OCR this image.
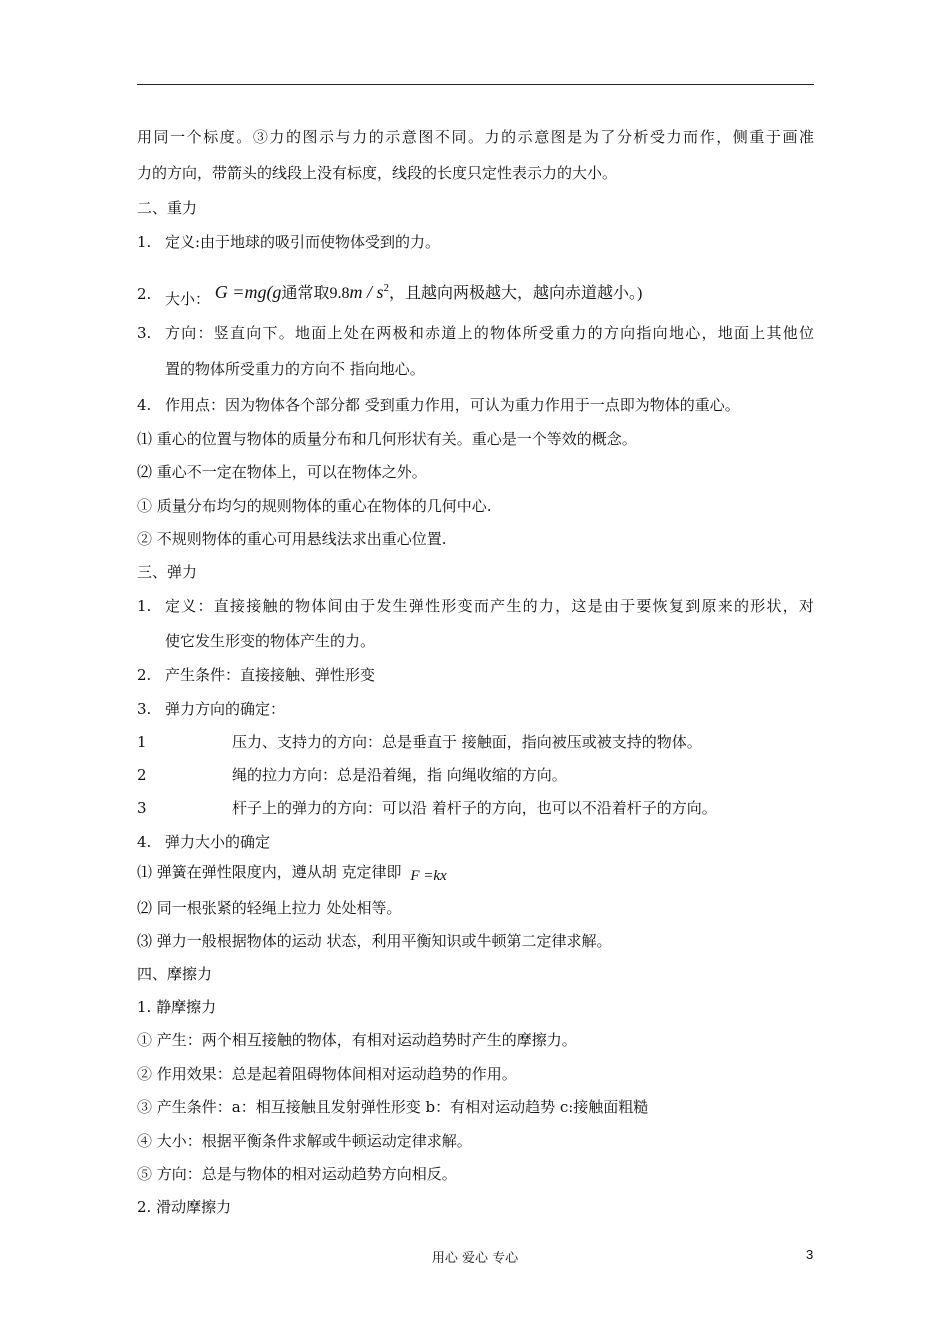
用同一个标度。③力的图示与力的示意图不同。力的示意图是为了分析受力而作，侧重于画准
力的方向，带箭头的线段上没有标度，线段的长度只定性表示力的大小。
二、重力
1. 定义:由于地球的吸引而使物体受到的力。
2. 大小： G =mg(g通常取$9.8m / s^2$，且越向两极越大，越向赤道越小。)
3. 方向：竖直向下。地面上处在两极和赤道上的物体所受重力的方向指向地心，地面上其他位
置的物体所受重力的方向不 指向地心。
4. 作用点：因为物体各个部分都 受到重力作用，可认为重力作用于一点即为物体的重心。
⑴ 重心的位置与物体的质量分布和几何形状有关。重心是一个等效的概念。
⑵ 重心不一定在物体上，可以在物体之外。
① 质量分布均匀的规则物体的重心在物体的几何中心.
② 不规则物体的重心可用悬线法求出重心位置.
三、弹力
1. 定义：直接接触的物体间由于发生弹性形变而产生的力，这是由于要恢复到原来的形状，对
使它发生形变的物体产生的力。
2. 产生条件：直接接触、弹性形变
3. 弹力方向的确定：
1	压力、支持力的方向：总是垂直于 接触面，指向被压或被支持的物体。
2	绳的拉力方向：总是沿着绳，指 向绳收缩的方向。
3	杆子上的弹力的方向：可以沿 着杆子的方向，也可以不沿着杆子的方向。
4. 弹力大小的确定
⑴ 弹簧在弹性限度内，遵从胡 克定律即 F =kx
⑵ 同一根张紧的轻绳上拉力 处处相等。
⑶ 弹力一般根据物体的运动 状态，利用平衡知识或牛顿第二定律求解。
四、摩擦力
1. 静摩擦力
① 产生：两个相互接触的物体，有相对运动趋势时产生的摩擦力。
② 作用效果：总是起着阻碍物体间相对运动趋势的作用。
③ 产生条件：a：相互接触且发射弹性形变 b：有相对运动趋势 c:接触面粗糙
④ 大小：根据平衡条件求解或牛顿运动定律求解。
⑤ 方向：总是与物体的相对运动趋势方向相反。
2. 滑动摩擦力
用心 爱心 专心	3
